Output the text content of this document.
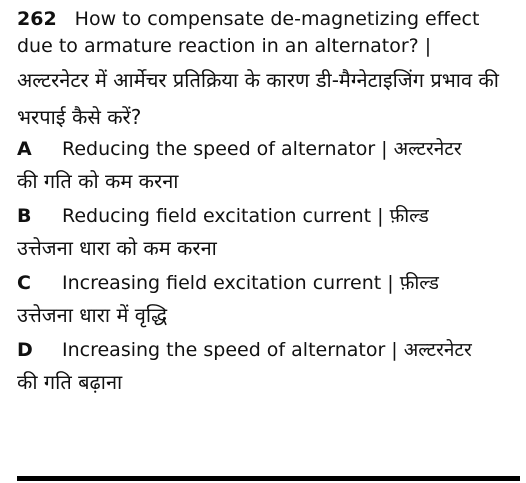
262 How to compensate de-magnetizing effect due to armature reaction in an alternator? |
अल्टरनेटर में आर्मेचर प्रतिक्रिया के कारण डी-मैग्नेटाइजिंग प्रभाव की भरपाई कैसे करें?

A Reducing the speed of alternator | अल्टरनेटर
की गति को कम करना
B Reducing field excitation current | फ़ील्ड
उत्तेजना धारा को कम करना
C Increasing field excitation current | फ़ील्ड
उत्तेजना धारा में वृद्धि
D Increasing the speed of alternator | अल्टरनेटर
की गति बढ़ाना
